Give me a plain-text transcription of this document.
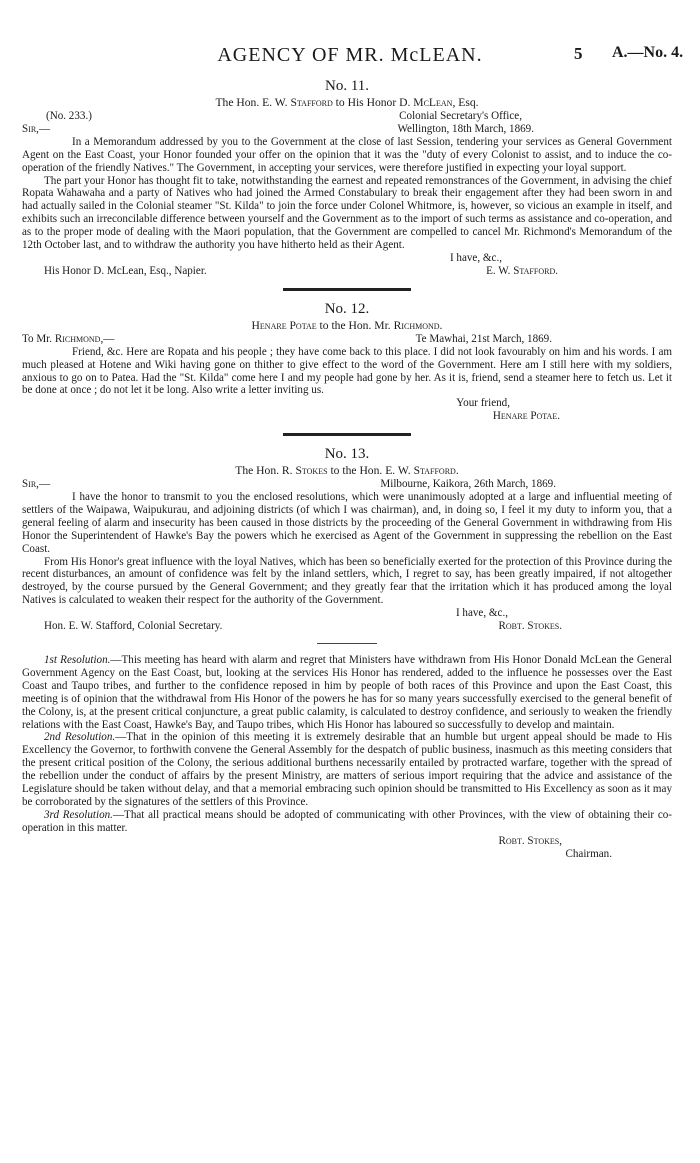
AGENCY OF MR. McLEAN.	5 A.—No. 4.

No. 11.

The Hon. E. W. Stafford to His Honor D. McLean, Esq.

(No. 233.)	Colonial Secretary's Office,
Sir,—	Wellington, 18th March, 1869.

In a Memorandum addressed by you to the Government at the close of last Session, tendering your services as General Government Agent on the East Coast, your Honor founded your offer on the opinion that it was the "duty of every Colonist to assist, and to induce the co-operation of the friendly Natives." The Government, in accepting your services, were therefore justified in expecting your loyal support.

The part your Honor has thought fit to take, notwithstanding the earnest and repeated remonstrances of the Government, in advising the chief Ropata Wahawaha and a party of Natives who had joined the Armed Constabulary to break their engagement after they had been sworn in and had actually sailed in the Colonial steamer "St. Kilda" to join the force under Colonel Whitmore, is, however, so vicious an example in itself, and exhibits such an irreconcilable difference between yourself and the Government as to the import of such terms as assistance and co-operation, and as to the proper mode of dealing with the Maori population, that the Government are compelled to cancel Mr. Richmond's Memorandum of the 12th October last, and to withdraw the authority you have hitherto held as their Agent.

I have, &c.,

His Honor D. McLean, Esq., Napier.	E. W. Stafford.

No. 12.

Henare Potae to the Hon. Mr. Richmond.

To Mr. Richmond,—	Te Mawhai, 21st March, 1869.

Friend, &c. Here are Ropata and his people ; they have come back to this place. I did not look favourably on him and his words. I am much pleased at Hotene and Wiki having gone on thither to give effect to the word of the Government. Here am I still here with my soldiers, anxious to go on to Patea. Had the "St. Kilda" come here I and my people had gone by her. As it is, friend, send a steamer here to fetch us. Let it be done at once ; do not let it be long. Also write a letter inviting us.

Your friend,

Henare Potae.

No. 13.

The Hon. R. Stokes to the Hon. E. W. Stafford.

Sir,—	Milbourne, Kaikora, 26th March, 1869.

I have the honor to transmit to you the enclosed resolutions, which were unanimously adopted at a large and influential meeting of settlers of the Waipawa, Waipukurau, and adjoining districts (of which I was chairman), and, in doing so, I feel it my duty to inform you, that a general feeling of alarm and insecurity has been caused in those districts by the proceeding of the General Government in withdrawing from His Honor the Superintendent of Hawke's Bay the powers which he exercised as Agent of the Government in suppressing the rebellion on the East Coast.

From His Honor's great influence with the loyal Natives, which has been so beneficially exerted for the protection of this Province during the recent disturbances, an amount of confidence was felt by the inland settlers, which, I regret to say, has been greatly impaired, if not altogether destroyed, by the course pursued by the General Government; and they greatly fear that the irritation which it has produced among the loyal Natives is calculated to weaken their respect for the authority of the Government.

I have, &c.,

Hon. E. W. Stafford, Colonial Secretary.	Robt. Stokes.

1st Resolution.—This meeting has heard with alarm and regret that Ministers have withdrawn from His Honor Donald McLean the General Government Agency on the East Coast, but, looking at the services His Honor has rendered, added to the influence he possesses over the East Coast and Taupo tribes, and further to the confidence reposed in him by people of both races of this Province and upon the East Coast, this meeting is of opinion that the withdrawal from His Honor of the powers he has for so many years successfully exercised to the general benefit of the Colony, is, at the present critical conjuncture, a great public calamity, is calculated to destroy confidence, and seriously to weaken the friendly relations with the East Coast, Hawke's Bay, and Taupo tribes, which His Honor has laboured so successfully to develop and maintain.

2nd Resolution.—That in the opinion of this meeting it is extremely desirable that an humble but urgent appeal should be made to His Excellency the Governor, to forthwith convene the General Assembly for the despatch of public business, inasmuch as this meeting considers that the present critical position of the Colony, the serious additional burthens necessarily entailed by protracted warfare, together with the spread of the rebellion under the conduct of affairs by the present Ministry, are matters of serious import requiring that the advice and assistance of the Legislature should be taken without delay, and that a memorial embracing such opinion should be transmitted to His Excellency as soon as it may be corroborated by the signatures of the settlers of this Province.

3rd Resolution.—That all practical means should be adopted of communicating with other Provinces, with the view of obtaining their co-operation in this matter.

Robt. Stokes,

Chairman.
